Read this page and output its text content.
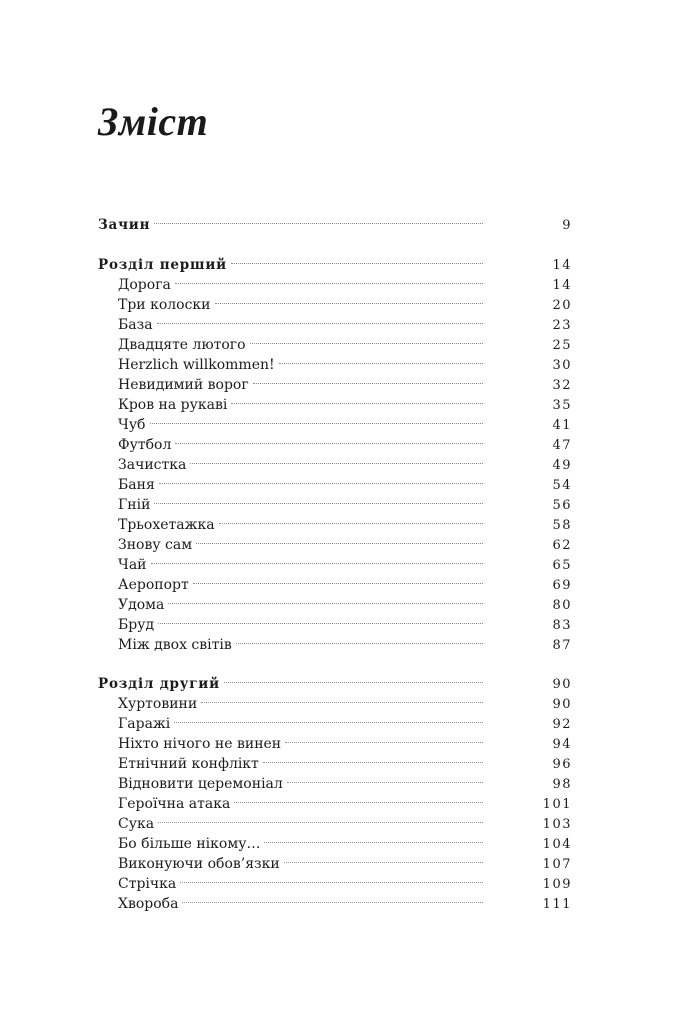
Зміст
Зачин	9
Розділ перший	14
Дорога	14
Три колоски	20
База	23
Двадцяте лютого	25
Herzlich willkommen!	30
Невидимий ворог	32
Кров на рукаві	35
Чуб	41
Футбол	47
Зачистка	49
Баня	54
Гній	56
Трьохетажка	58
Знову сам	62
Чай	65
Аеропорт	69
Удома	80
Бруд	83
Між двох світів	87
Розділ другий	90
Хуртовини	90
Гаражі	92
Ніхто нічого не винен	94
Етнічний конфлікт	96
Відновити церемоніал	98
Героїчна атака	101
Сука	103
Бо більше нікому…	104
Виконуючи обов’язки	107
Стрічка	109
Хвороба	111
